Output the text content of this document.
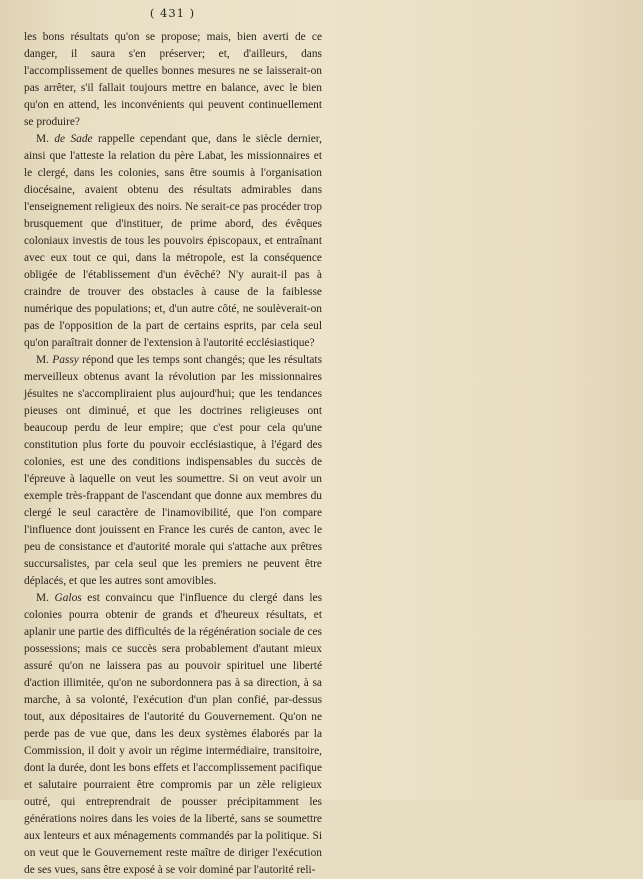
( 431 )

les bons résultats qu'on se propose; mais, bien averti de ce danger, il saura s'en préserver; et, d'ailleurs, dans l'accomplissement de quelles bonnes mesures ne se laisserait-on pas arrêter, s'il fallait toujours mettre en balance, avec le bien qu'on en attend, les inconvénients qui peuvent continuellement se produire?

M. de Sade rappelle cependant que, dans le siècle dernier, ainsi que l'atteste la relation du père Labat, les missionnaires et le clergé, dans les colonies, sans être soumis à l'organisation diocésaine, avaient obtenu des résultats admirables dans l'enseignement religieux des noirs. Ne serait-ce pas procéder trop brusquement que d'instituer, de prime abord, des évêques coloniaux investis de tous les pouvoirs épiscopaux, et entraînant avec eux tout ce qui, dans la métropole, est la conséquence obligée de l'établissement d'un évêché? N'y aurait-il pas à craindre de trouver des obstacles à cause de la faiblesse numérique des populations; et, d'un autre côté, ne soulèverait-on pas de l'opposition de la part de certains esprits, par cela seul qu'on paraîtrait donner de l'extension à l'autorité ecclésiastique?

M. Passy répond que les temps sont changés; que les résultats merveilleux obtenus avant la révolution par les missionnaires jésuites ne s'accompliraient plus aujourd'hui; que les tendances pieuses ont diminué, et que les doctrines religieuses ont beaucoup perdu de leur empire; que c'est pour cela qu'une constitution plus forte du pouvoir ecclésiastique, à l'égard des colonies, est une des conditions indispensables du succès de l'épreuve à laquelle on veut les soumettre. Si on veut avoir un exemple très-frappant de l'ascendant que donne aux membres du clergé le seul caractère de l'inamovibilité, que l'on compare l'influence dont jouissent en France les curés de canton, avec le peu de consistance et d'autorité morale qui s'attache aux prêtres succursalistes, par cela seul que les premiers ne peuvent être déplacés, et que les autres sont amovibles.

M. Galos est convaincu que l'influence du clergé dans les colonies pourra obtenir de grands et d'heureux résultats, et aplanir une partie des difficultés de la régénération sociale de ces possessions; mais ce succès sera probablement d'autant mieux assuré qu'on ne laissera pas au pouvoir spirituel une liberté d'action illimitée, qu'on ne subordonnera pas à sa direction, à sa marche, à sa volonté, l'exécution d'un plan confié, par-dessus tout, aux dépositaires de l'autorité du Gouvernement. Qu'on ne perde pas de vue que, dans les deux systèmes élaborés par la Commission, il doit y avoir un régime intermédiaire, transitoire, dont la durée, dont les bons effets et l'accomplissement pacifique et salutaire pourraient être compromis par un zèle religieux outré, qui entreprendrait de pousser précipitamment les générations noires dans les voies de la liberté, sans se soumettre aux lenteurs et aux ménagements commandés par la politique. Si on veut que le Gouvernement reste maître de diriger l'exécution de ses vues, sans être exposé à se voir dominé par l'autorité reli-
